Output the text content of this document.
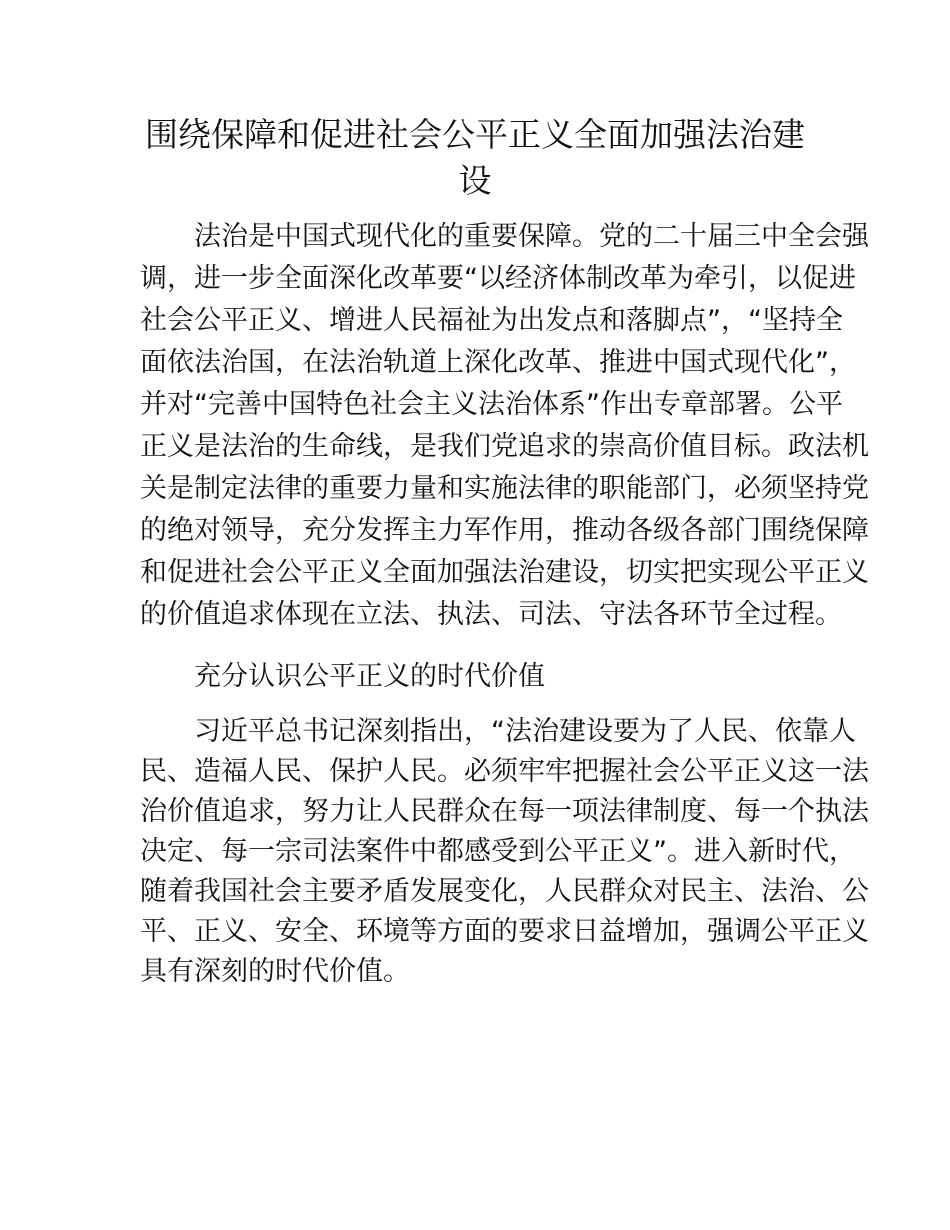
围绕保障和促进社会公平正义全面加强法治建
设
法治是中国式现代化的重要保障。党的二十届三中全会强
调，进一步全面深化改革要“以经济体制改革为牵引，以促进
社会公平正义、增进人民福祉为出发点和落脚点”，“坚持全
面依法治国，在法治轨道上深化改革、推进中国式现代化”，
并对“完善中国特色社会主义法治体系”作出专章部署。公平
正义是法治的生命线，是我们党追求的崇高价值目标。政法机
关是制定法律的重要力量和实施法律的职能部门，必须坚持党
的绝对领导，充分发挥主力军作用，推动各级各部门围绕保障
和促进社会公平正义全面加强法治建设，切实把实现公平正义
的价值追求体现在立法、执法、司法、守法各环节全过程。
充分认识公平正义的时代价值
习近平总书记深刻指出，“法治建设要为了人民、依靠人
民、造福人民、保护人民。必须牢牢把握社会公平正义这一法
治价值追求，努力让人民群众在每一项法律制度、每一个执法
决定、每一宗司法案件中都感受到公平正义”。进入新时代，
随着我国社会主要矛盾发展变化，人民群众对民主、法治、公
平、正义、安全、环境等方面的要求日益增加，强调公平正义
具有深刻的时代价值。
